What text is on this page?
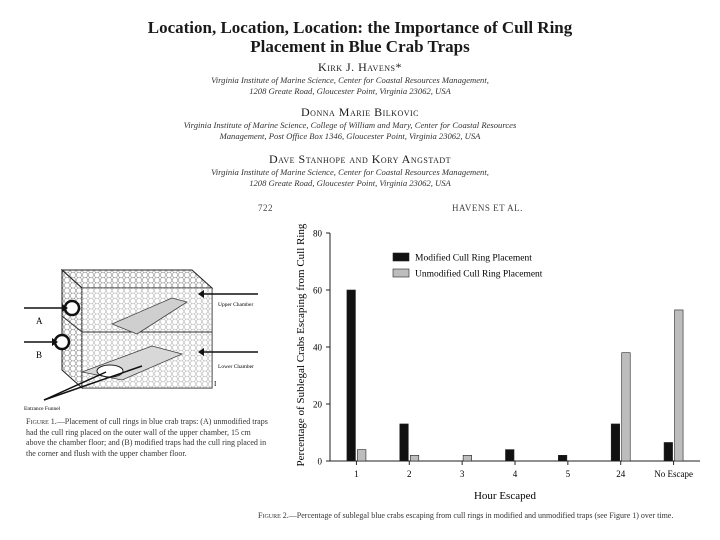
Location, Location, Location: the Importance of Cull Ring
Placement in Blue Crab Traps
Kirk J. Havens*
Virginia Institute of Marine Science, Center for Coastal Resources Management,
1208 Greate Road, Gloucester Point, Virginia 23062, USA
Donna Marie Bilkovic
Virginia Institute of Marine Science, College of William and Mary, Center for Coastal Resources
Management, Post Office Box 1346, Gloucester Point, Virginia 23062, USA
Dave Stanhope and Kory Angstadt
Virginia Institute of Marine Science, Center for Coastal Resources Management,
1208 Greate Road, Gloucester Point, Virginia 23062, USA
722	HAVENS ET AL.
A
B
Upper Chamber
Lower Chamber
Entrance Funnel
I
Figure 1.—Placement of cull rings in blue crab traps: (A) unmodified traps had the cull ring placed on the outer wall of the upper chamber, 15 cm above the chamber floor; and (B) modified traps had the cull ring placed in the corner and flush with the upper chamber floor.
0
20
40
60
80
1	2	3	4	5	24	No Escape
Percentage of Sublegal Crabs Escaping from Cull Ring
Hour Escaped
Modified Cull Ring Placement
Unmodified Cull Ring Placement
Figure 2.—Percentage of sublegal blue crabs escaping from cull rings in modified and unmodified traps (see Figure 1) over time.
